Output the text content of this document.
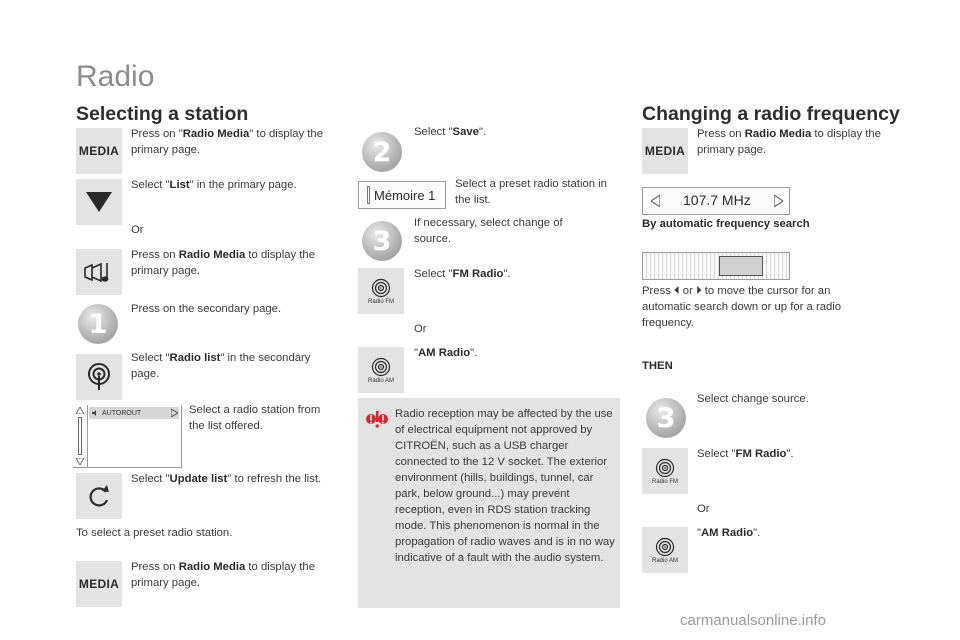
Radio
Selecting a station
MEDIA
Press on "Radio Media" to display the primary page.
Select "List" in the primary page.
Or
Press on Radio Media to display the primary page.
1	Press on the secondary page.
Select "Radio list" in the secondary page.
AUTOROUT	Select a radio station from the list offered.
Select "Update list" to refresh the list.
To select a preset radio station.
MEDIA
Press on Radio Media to display the primary page.
2
Select "Save".
Mémoire 1
Select a preset radio station in the list.
3
If necessary, select change of source.
Radio FM
Select "FM Radio".
Or
Radio AM
"AM Radio".
Radio reception may be affected by the use of electrical equipment not approved by CITROËN, such as a USB charger connected to the 12 V socket. The exterior environment (hills, buildings, tunnel, car park, below ground...) may prevent reception, even in RDS station tracking mode. This phenomenon is normal in the propagation of radio waves and is in no way indicative of a fault with the audio system.
Changing a radio frequency
MEDIA
Press on Radio Media to display the primary page.
107.7 MHz
By automatic frequency search
Press ⏴ or ⏵ to move the cursor for an automatic search down or up for a radio frequency.
THEN
3
Select change source.
Radio FM
Select "FM Radio".
Or
Radio AM
"AM Radio".
carmanualsonline.info
